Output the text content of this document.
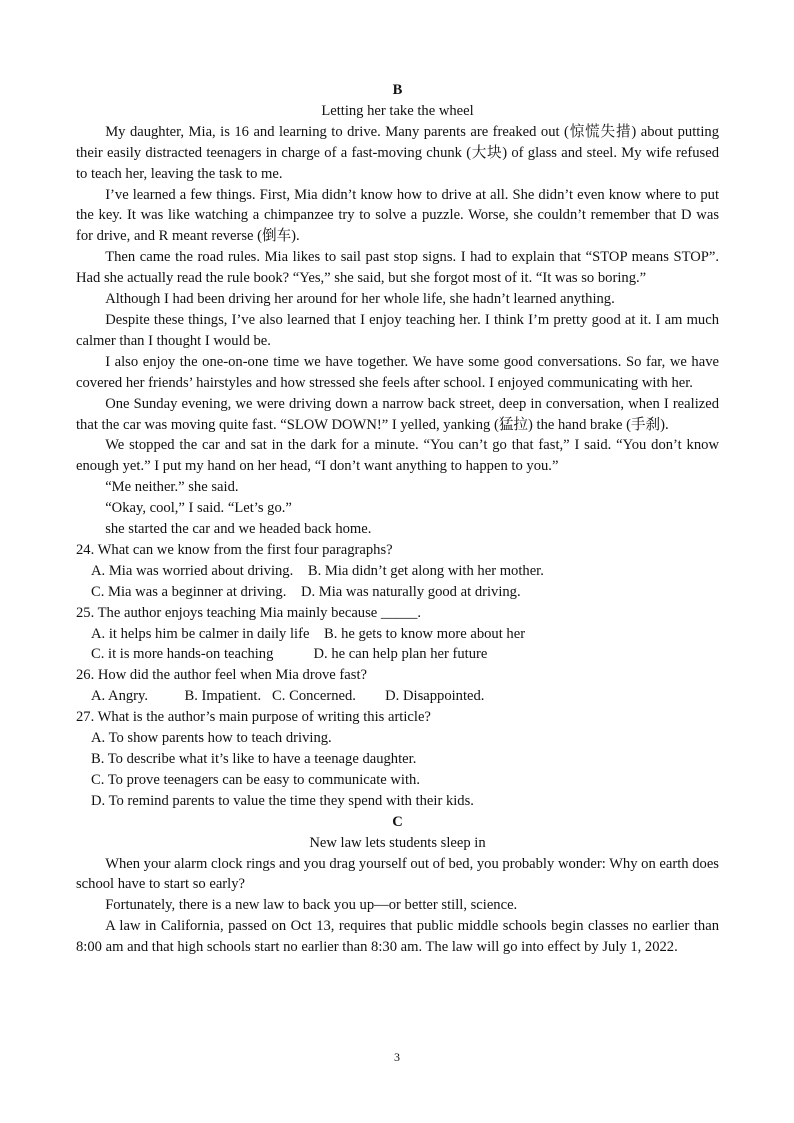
B

Letting her take the wheel

My daughter, Mia, is 16 and learning to drive. Many parents are freaked out (惊慌失措) about putting their easily distracted teenagers in charge of a fast-moving chunk (大块) of glass and steel. My wife refused to teach her, leaving the task to me.

I’ve learned a few things. First, Mia didn’t know how to drive at all. She didn’t even know where to put the key. It was like watching a chimpanzee try to solve a puzzle. Worse, she couldn’t remember that D was for drive, and R meant reverse (倒车).

Then came the road rules. Mia likes to sail past stop signs. I had to explain that “STOP means STOP”. Had she actually read the rule book? “Yes,” she said, but she forgot most of it. “It was so boring.”

Although I had been driving her around for her whole life, she hadn’t learned anything.

Despite these things, I’ve also learned that I enjoy teaching her. I think I’m pretty good at it. I am much calmer than I thought I would be.

I also enjoy the one-on-one time we have together. We have some good conversations. So far, we have covered her friends’ hairstyles and how stressed she feels after school. I enjoyed communicating with her.

One Sunday evening, we were driving down a narrow back street, deep in conversation, when I realized that the car was moving quite fast. “SLOW DOWN!” I yelled, yanking (猛拉) the hand brake (手刹).

We stopped the car and sat in the dark for a minute. “You can’t go that fast,” I said. “You don’t know enough yet.” I put my hand on her head, “I don’t want anything to happen to you.”

“Me neither.” she said.

“Okay, cool,” I said. “Let’s go.”

she started the car and we headed back home.

24. What can we know from the first four paragraphs?

A. Mia was worried about driving.    B. Mia didn’t get along with her mother.

C. Mia was a beginner at driving.    D. Mia was naturally good at driving.

25. The author enjoys teaching Mia mainly because _____.

A. it helps him be calmer in daily life    B. he gets to know more about her

C. it is more hands-on teaching           D. he can help plan her future

26. How did the author feel when Mia drove fast?

A. Angry.          B. Impatient.   C. Concerned.        D. Disappointed.

27. What is the author’s main purpose of writing this article?

A. To show parents how to teach driving.

B. To describe what it’s like to have a teenage daughter.

C. To prove teenagers can be easy to communicate with.

D. To remind parents to value the time they spend with their kids.

C

New law lets students sleep in

When your alarm clock rings and you drag yourself out of bed, you probably wonder: Why on earth does school have to start so early?

Fortunately, there is a new law to back you up—or better still, science.

A law in California, passed on Oct 13, requires that public middle schools begin classes no earlier than 8:00 am and that high schools start no earlier than 8:30 am. The law will go into effect by July 1, 2022.

3
